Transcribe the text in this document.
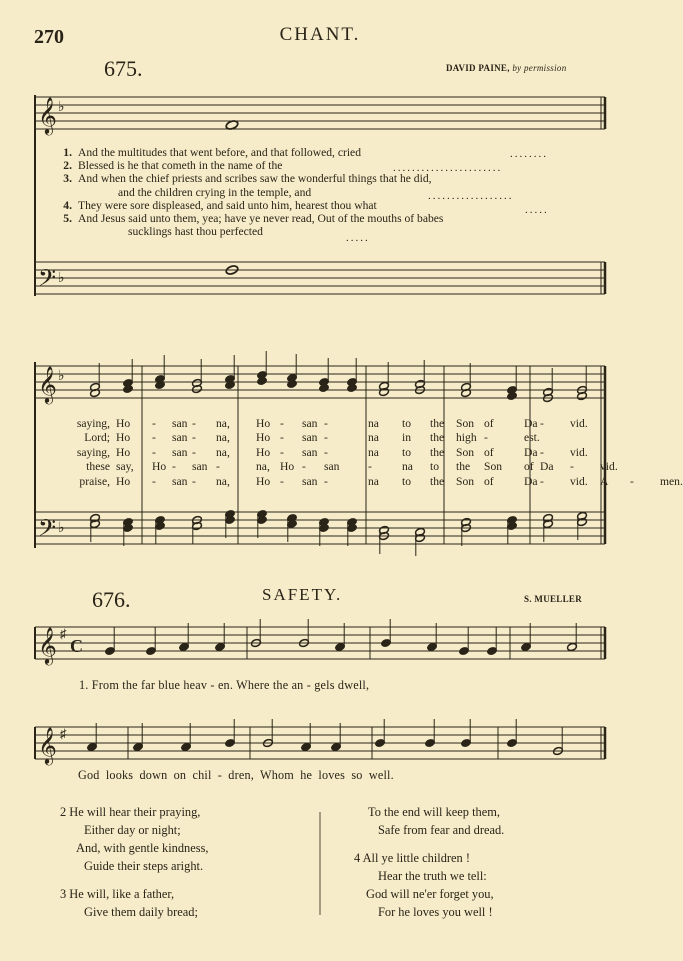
270	CHANT.
675.	DAVID PAINE, by permission
𝄞 ♭
𝄢 ♭
........
.......................
..................
.....
.....
1. And the multitudes that went before, and that followed, cried
2. Blessed is he that cometh in the name of the
3. And when the chief priests and scribes saw the wonderful things that he did,
and the children crying in the temple, and
4. They were sore displeased, and said unto him, hearest thou what
5. And Jesus said unto them, yea; have ye never read, Out of the mouths of babes
sucklings hast thou perfected
𝄞 ♭
𝄢 ♭
saying, Ho - san - na, Ho - san -	na to the Son of	Da - vid.
Lord; Ho - san - na, Ho - san -	na in the high -	est.
saying, Ho - san - na, Ho - san -	na to the Son of	Da - vid.
these say, Ho - san -	na, Ho - san -	na to the Son of Da - vid.
praise, Ho - san - na, Ho - san -	na to the Son of	Da - vid. A - men.
676.	SAFETY.	S. MUELLER
𝄞 ♯
C
𝄞 ♯
1. From the far blue heav - en. Where the an - gels dwell,
God looks down on chil - dren, Whom he loves so well.
2 He will hear their praying,
Either day or night;
And, with gentle kindness,
Guide their steps aright.
3 He will, like a father,
Give them daily bread;
To the end will keep them,
Safe from fear and dread.
4 All ye little children !
Hear the truth we tell:
God will ne'er forget you,
For he loves you well !
